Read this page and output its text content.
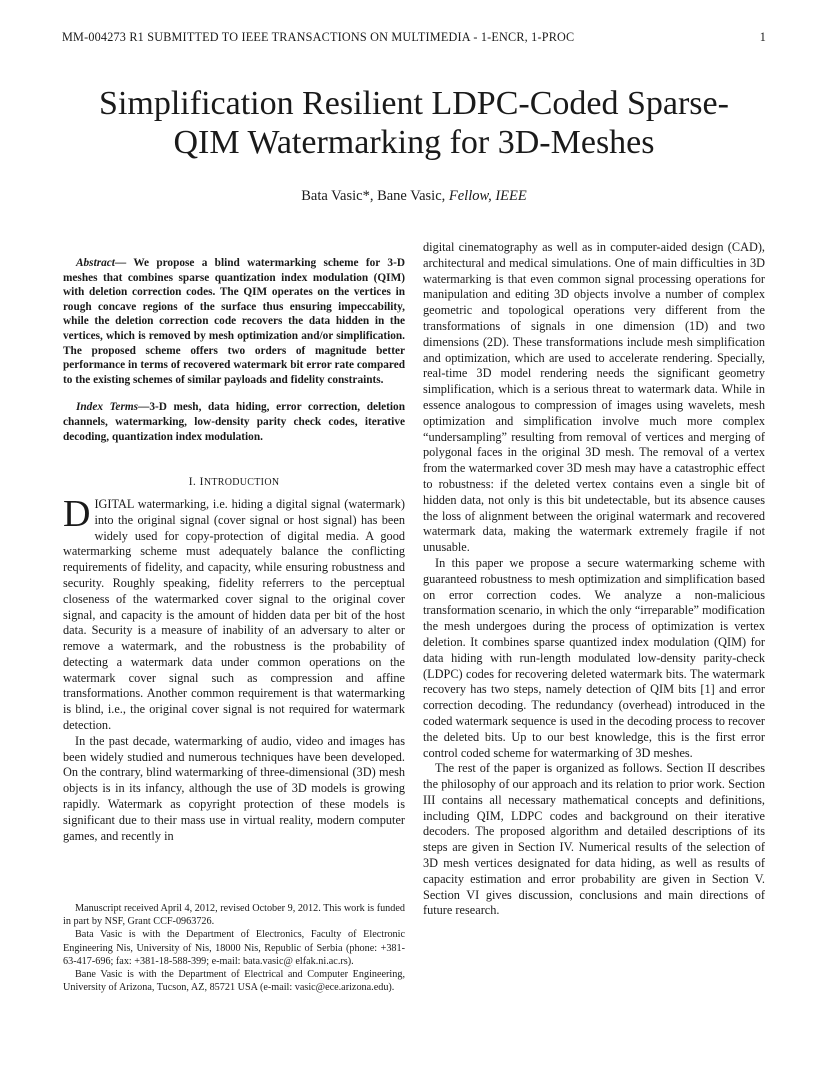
MM-004273 R1 SUBMITTED TO IEEE TRANSACTIONS ON MULTIMEDIA - 1-ENCR, 1-PROC	1
Simplification Resilient LDPC-Coded Sparse-
QIM Watermarking for 3D-Meshes
Bata Vasic*, Bane Vasic, Fellow, IEEE

Abstract— We propose a blind watermarking scheme for 3-D meshes that combines sparse quantization index modulation (QIM) with deletion correction codes. The QIM operates on the vertices in rough concave regions of the surface thus ensuring impeccability, while the deletion correction code recovers the data hidden in the vertices, which is removed by mesh optimization and/or simplification. The proposed scheme offers two orders of magnitude better performance in terms of recovered watermark bit error rate compared to the existing schemes of similar payloads and fidelity constraints.

Index Terms—3-D mesh, data hiding, error correction, deletion channels, watermarking, low-density parity check codes, iterative decoding, quantization index modulation.

I. INTRODUCTION

DIGITAL watermarking, i.e. hiding a digital signal (watermark) into the original signal (cover signal or host signal) has been widely used for copy-protection of digital media. A good watermarking scheme must adequately balance the conflicting requirements of fidelity, and capacity, while ensuring robustness and security. Roughly speaking, fidelity referrers to the perceptual closeness of the watermarked cover signal to the original cover signal, and capacity is the amount of hidden data per bit of the host data. Security is a measure of inability of an adversary to alter or remove a watermark, and the robustness is the probability of detecting a watermark data under common operations on the watermark cover signal such as compression and affine transformations. Another common requirement is that watermarking is blind, i.e., the original cover signal is not required for watermark detection.

In the past decade, watermarking of audio, video and images has been widely studied and numerous techniques have been developed. On the contrary, blind watermarking of three-dimensional (3D) mesh objects is in its infancy, although the use of 3D models is growing rapidly. Watermark as copyright protection of these models is significant due to their mass use in virtual reality, modern computer games, and recently in

Manuscript received April 4, 2012, revised October 9, 2012. This work is funded in part by NSF, Grant CCF-0963726.

Bata Vasic is with the Department of Electronics, Faculty of Electronic Engineering Nis, University of Nis, 18000 Nis, Republic of Serbia (phone: +381-63-417-696; fax: +381-18-588-399; e-mail: bata.vasic@ elfak.ni.ac.rs).

Bane Vasic is with the Department of Electrical and Computer Engineering, University of Arizona, Tucson, AZ, 85721 USA (e-mail: vasic@ece.arizona.edu).

digital cinematography as well as in computer-aided design (CAD), architectural and medical simulations. One of main difficulties in 3D watermarking is that even common signal processing operations for manipulation and editing 3D objects involve a number of complex geometric and topological operations very different from the transformations of signals in one dimension (1D) and two dimensions (2D). These transformations include mesh simplification and optimization, which are used to accelerate rendering. Specially, real-time 3D model rendering needs the significant geometry simplification, which is a serious threat to watermark data. While in essence analogous to compression of images using wavelets, mesh optimization and simplification involve much more complex “undersampling” resulting from removal of vertices and merging of polygonal faces in the original 3D mesh. The removal of a vertex from the watermarked cover 3D mesh may have a catastrophic effect to robustness: if the deleted vertex contains even a single bit of hidden data, not only is this bit undetectable, but its absence causes the loss of alignment between the original watermark and recovered watermark data, making the watermark extremely fragile if not unusable.

In this paper we propose a secure watermarking scheme with guaranteed robustness to mesh optimization and simplification based on error correction codes. We analyze a non-malicious transformation scenario, in which the only “irreparable” modification the mesh undergoes during the process of optimization is vertex deletion. It combines sparse quantized index modulation (QIM) for data hiding with run-length modulated low-density parity-check (LDPC) codes for recovering deleted watermark bits. The watermark recovery has two steps, namely detection of QIM bits [1] and error correction decoding. The redundancy (overhead) introduced in the coded watermark sequence is used in the decoding process to recover the deleted bits. Up to our best knowledge, this is the first error control coded scheme for watermarking of 3D meshes.

The rest of the paper is organized as follows. Section II describes the philosophy of our approach and its relation to prior work. Section III contains all necessary mathematical concepts and definitions, including QIM, LDPC codes and background on their iterative decoders. The proposed algorithm and detailed descriptions of its steps are given in Section IV. Numerical results of the selection of 3D mesh vertices designated for data hiding, as well as results of capacity estimation and error probability are given in Section V. Section VI gives discussion, conclusions and main directions of future research.
